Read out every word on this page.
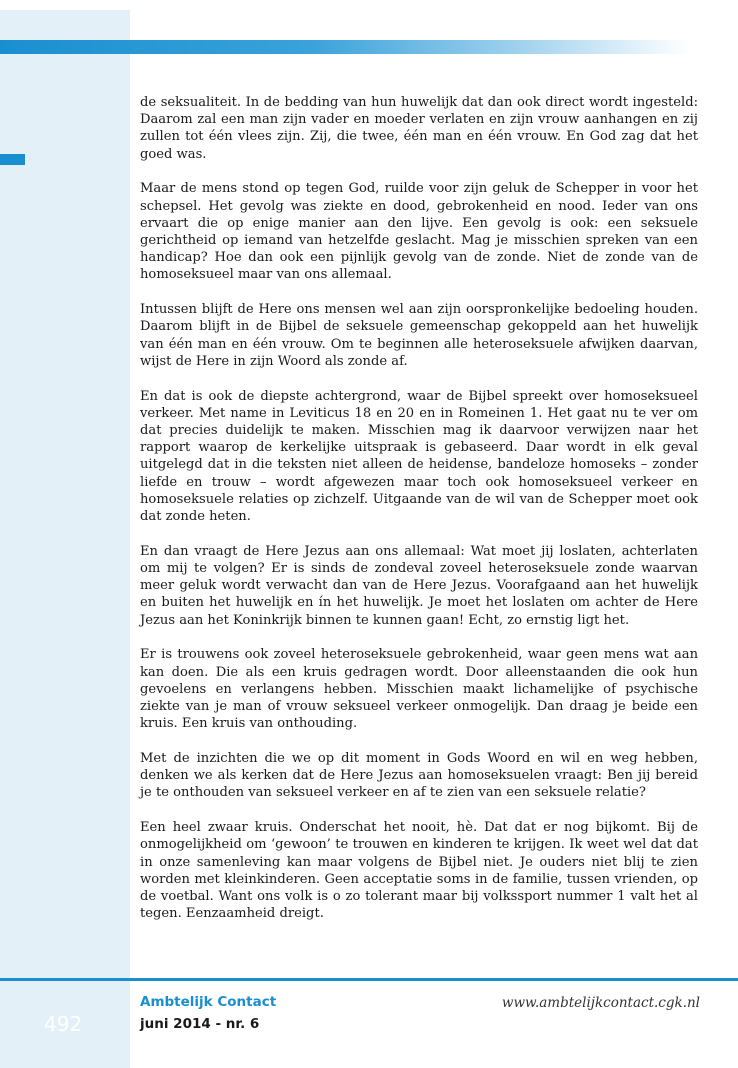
de seksualiteit. In de bedding van hun huwelijk dat dan ook direct wordt ingesteld: Daarom zal een man zijn vader en moeder verlaten en zijn vrouw aanhangen en zij zullen tot één vlees zijn. Zij, die twee, één man en één vrouw. En God zag dat het goed was.

Maar de mens stond op tegen God, ruilde voor zijn geluk de Schepper in voor het schepsel. Het gevolg was ziekte en dood, gebrokenheid en nood. Ieder van ons ervaart die op enige manier aan den lijve. Een gevolg is ook: een seksuele gerichtheid op iemand van hetzelfde geslacht. Mag je misschien spreken van een handicap? Hoe dan ook een pijnlijk gevolg van de zonde. Niet de zonde van de homoseksueel maar van ons allemaal.

Intussen blijft de Here ons mensen wel aan zijn oorspronkelijke bedoeling houden. Daarom blijft in de Bijbel de seksuele gemeenschap gekoppeld aan het huwelijk van één man en één vrouw. Om te beginnen alle heteroseksuele afwijken daarvan, wijst de Here in zijn Woord als zonde af.

En dat is ook de diepste achtergrond, waar de Bijbel spreekt over homoseksueel verkeer. Met name in Leviticus 18 en 20 en in Romeinen 1. Het gaat nu te ver om dat precies duidelijk te maken. Misschien mag ik daarvoor verwijzen naar het rapport waarop de kerkelijke uitspraak is gebaseerd. Daar wordt in elk geval uitgelegd dat in die teksten niet alleen de heidense, bandeloze homoseks – zonder liefde en trouw – wordt afgewezen maar toch ook homoseksueel verkeer en homoseksuele relaties op zichzelf. Uitgaande van de wil van de Schepper moet ook dat zonde heten.

En dan vraagt de Here Jezus aan ons allemaal: Wat moet jij loslaten, achterlaten om mij te volgen? Er is sinds de zondeval zoveel heteroseksuele zonde waarvan meer geluk wordt verwacht dan van de Here Jezus. Voorafgaand aan het huwelijk en buiten het huwelijk en ín het huwelijk. Je moet het loslaten om achter de Here Jezus aan het Koninkrijk binnen te kunnen gaan! Echt, zo ernstig ligt het.

Er is trouwens ook zoveel heteroseksuele gebrokenheid, waar geen mens wat aan kan doen. Die als een kruis gedragen wordt. Door alleenstaanden die ook hun gevoelens en verlangens hebben. Misschien maakt lichamelijke of psychische ziekte van je man of vrouw seksueel verkeer onmogelijk. Dan draag je beide een kruis. Een kruis van onthouding.

Met de inzichten die we op dit moment in Gods Woord en wil en weg hebben, denken we als kerken dat de Here Jezus aan homoseksuelen vraagt: Ben jij bereid je te onthouden van seksueel verkeer en af te zien van een seksuele relatie?

Een heel zwaar kruis. Onderschat het nooit, hè. Dat dat er nog bijkomt. Bij de onmogelijkheid om ‘gewoon’ te trouwen en kinderen te krijgen. Ik weet wel dat dat in onze samenleving kan maar volgens de Bijbel niet. Je ouders niet blij te zien worden met kleinkinderen. Geen acceptatie soms in de familie, tussen vrienden, op de voetbal. Want ons volk is o zo tolerant maar bij volkssport nummer 1 valt het al tegen. Eenzaamheid dreigt.

492
Ambtelijk Contact
juni 2014 - nr. 6
www.ambtelijkcontact.cgk.nl
